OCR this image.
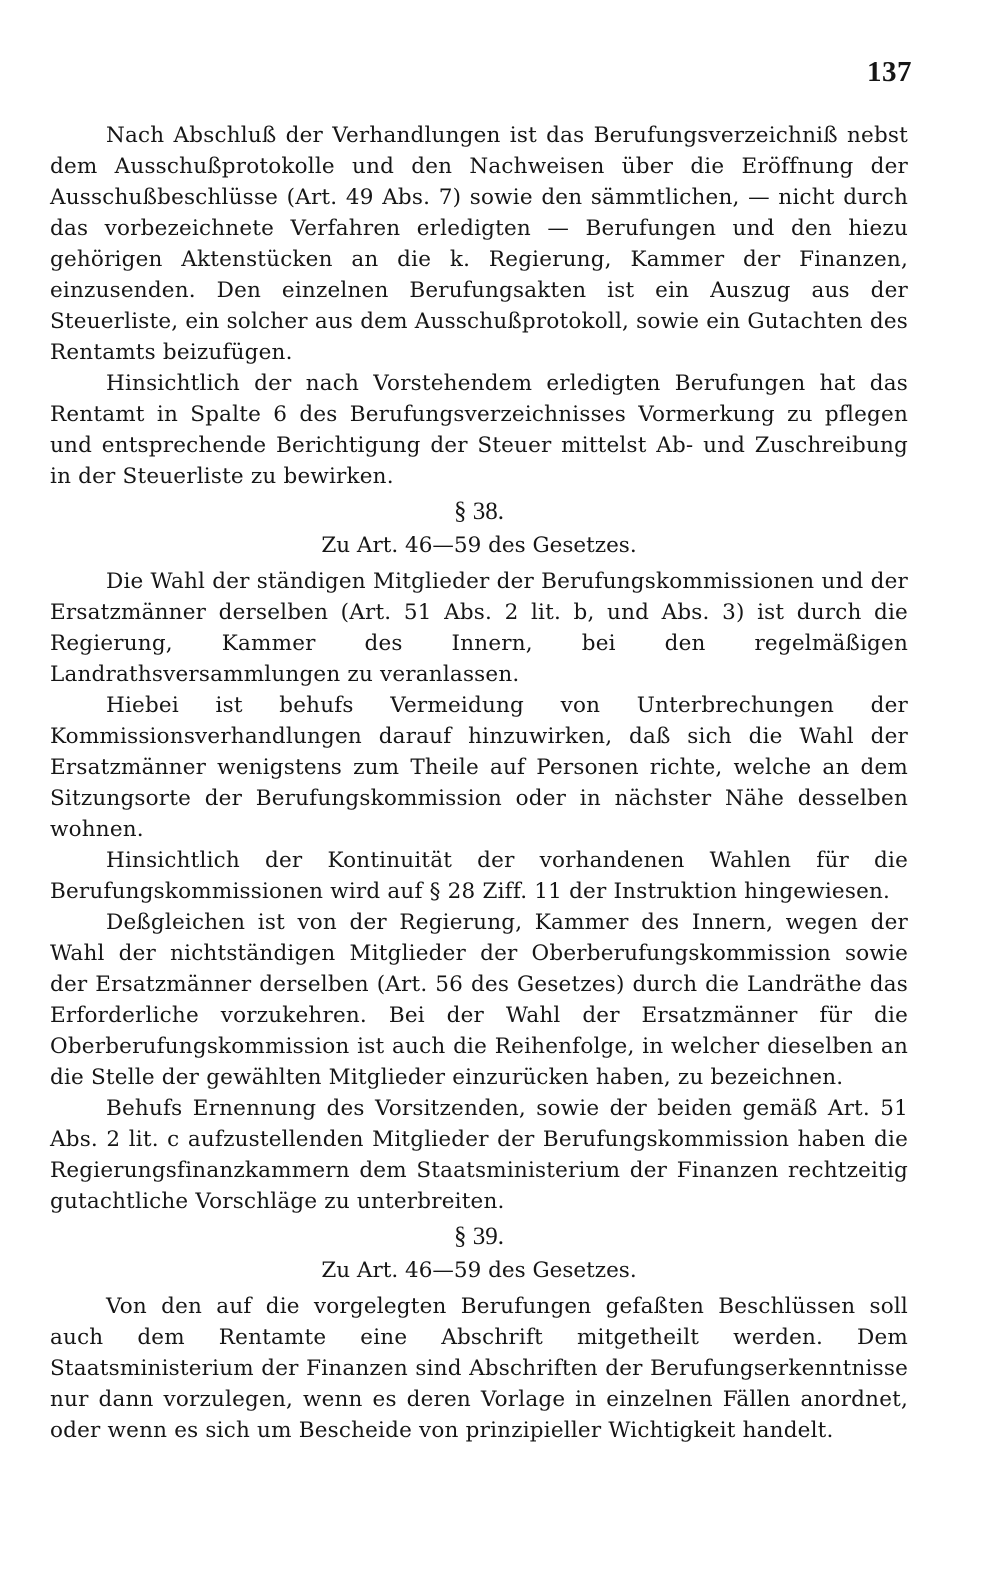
137

Nach Abschluß der Verhandlungen ist das Berufungsverzeichniß nebst dem Ausschußprotokolle und den Nachweisen über die Eröffnung der Ausschußbeschlüsse (Art. 49 Abs. 7) sowie den sämmtlichen, — nicht durch das vorbezeichnete Verfahren erledigten — Berufungen und den hiezu gehörigen Aktenstücken an die k. Regierung, Kammer der Finanzen, einzusenden. Den einzelnen Berufungsakten ist ein Auszug aus der Steuerliste, ein solcher aus dem Ausschußprotokoll, sowie ein Gutachten des Rentamts beizufügen.

Hinsichtlich der nach Vorstehendem erledigten Berufungen hat das Rentamt in Spalte 6 des Berufungsverzeichnisses Vormerkung zu pflegen und entsprechende Berichtigung der Steuer mittelst Ab- und Zuschreibung in der Steuerliste zu bewirken.

§ 38.
Zu Art. 46—59 des Gesetzes.

Die Wahl der ständigen Mitglieder der Berufungskommissionen und der Ersatzmänner derselben (Art. 51 Abs. 2 lit. b, und Abs. 3) ist durch die Regierung, Kammer des Innern, bei den regelmäßigen Landrathsversammlungen zu veranlassen.

Hiebei ist behufs Vermeidung von Unterbrechungen der Kommissionsverhandlungen darauf hinzuwirken, daß sich die Wahl der Ersatzmänner wenigstens zum Theile auf Personen richte, welche an dem Sitzungsorte der Berufungskommission oder in nächster Nähe desselben wohnen.

Hinsichtlich der Kontinuität der vorhandenen Wahlen für die Berufungskommissionen wird auf § 28 Ziff. 11 der Instruktion hingewiesen.

Deßgleichen ist von der Regierung, Kammer des Innern, wegen der Wahl der nichtständigen Mitglieder der Oberberufungskommission sowie der Ersatzmänner derselben (Art. 56 des Gesetzes) durch die Landräthe das Erforderliche vorzukehren. Bei der Wahl der Ersatzmänner für die Oberberufungskommission ist auch die Reihenfolge, in welcher dieselben an die Stelle der gewählten Mitglieder einzurücken haben, zu bezeichnen.

Behufs Ernennung des Vorsitzenden, sowie der beiden gemäß Art. 51 Abs. 2 lit. c aufzustellenden Mitglieder der Berufungskommission haben die Regierungsfinanzkammern dem Staatsministerium der Finanzen rechtzeitig gutachtliche Vorschläge zu unterbreiten.

§ 39.
Zu Art. 46—59 des Gesetzes.

Von den auf die vorgelegten Berufungen gefaßten Beschlüssen soll auch dem Rentamte eine Abschrift mitgetheilt werden. Dem Staatsministerium der Finanzen sind Abschriften der Berufungserkenntnisse nur dann vorzulegen, wenn es deren Vorlage in einzelnen Fällen anordnet, oder wenn es sich um Bescheide von prinzipieller Wichtigkeit handelt.
